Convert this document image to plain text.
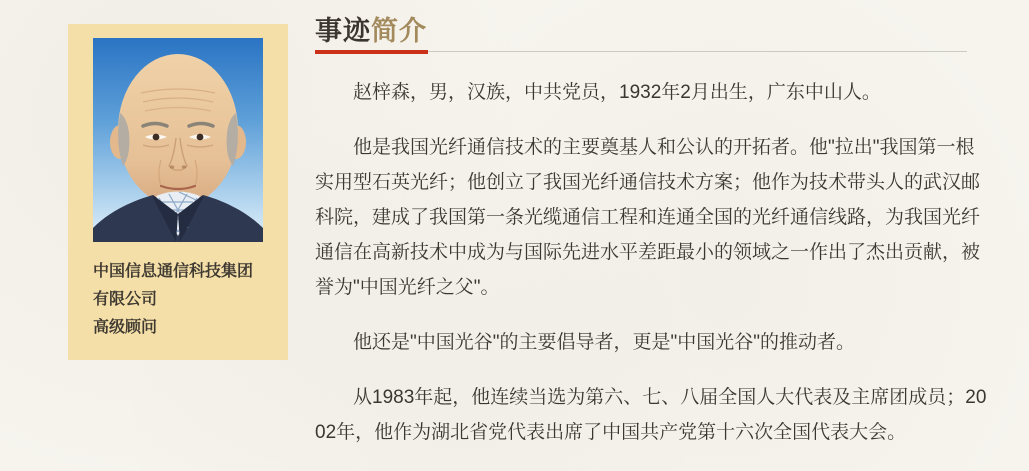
中国信息通信科技集团
有限公司
高级顾问
事迹简介

赵梓森，男，汉族，中共党员，1932年2月出生，广东中山人。

他是我国光纤通信技术的主要奠基人和公认的开拓者。他"拉出"我国第一根实用型石英光纤；他创立了我国光纤通信技术方案；他作为技术带头人的武汉邮科院，建成了我国第一条光缆通信工程和连通全国的光纤通信线路，为我国光纤通信在高新技术中成为与国际先进水平差距最小的领域之一作出了杰出贡献，被誉为"中国光纤之父"。

他还是"中国光谷"的主要倡导者，更是"中国光谷"的推动者。

从1983年起，他连续当选为第六、七、八届全国人大代表及主席团成员；2002年，他作为湖北省党代表出席了中国共产党第十六次全国代表大会。
